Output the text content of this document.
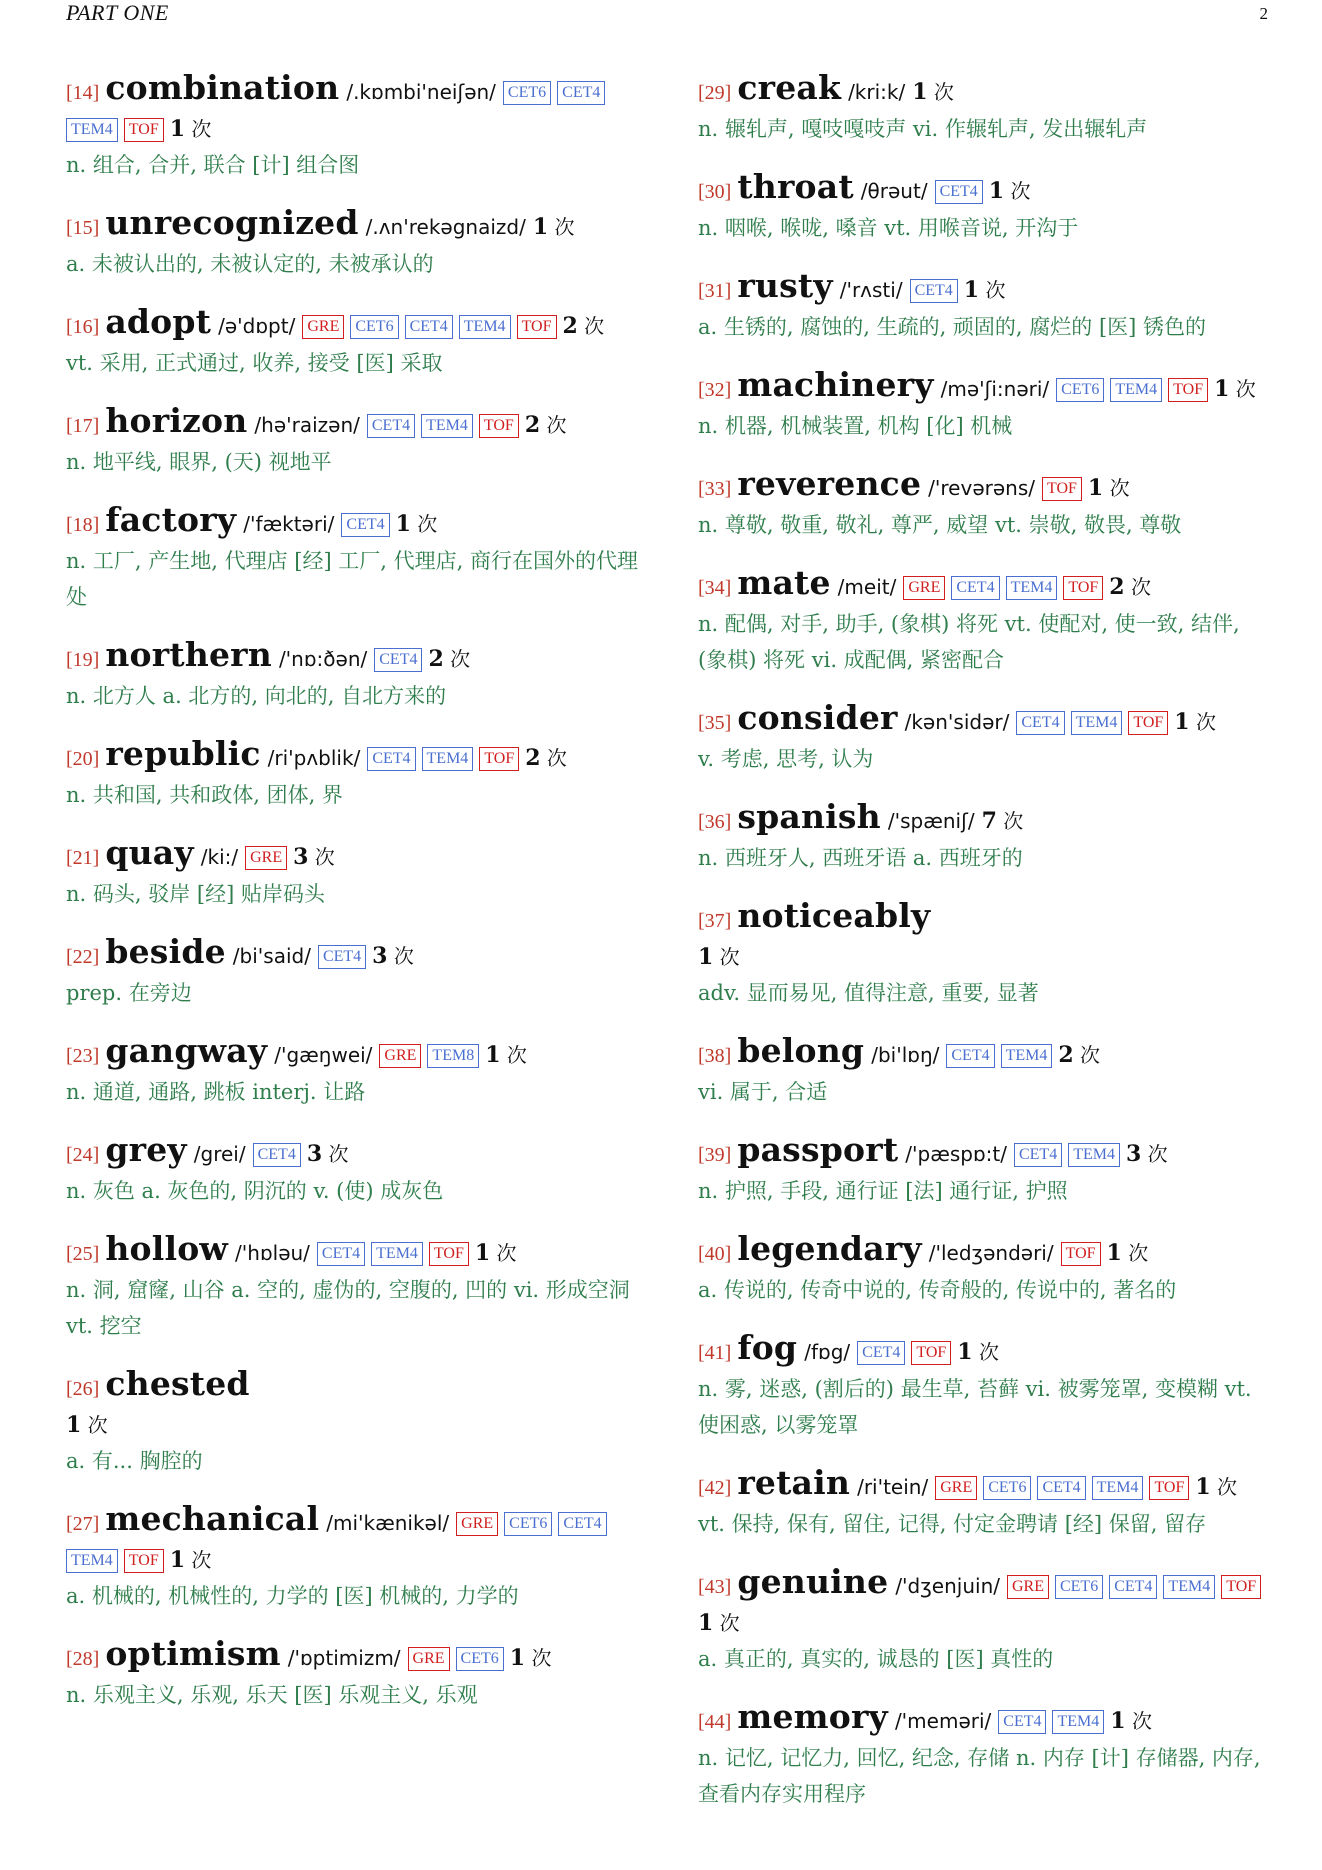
PART ONE	2
[14] combination /.kɒmbi'neiʃən/ CET6 CET4TEM4 TOF 1 次
n. 组合, 合并, 联合 [计] 组合图
[15] unrecognized /.ʌn'rekəgnaizd/ 1 次
a. 未被认出的, 未被认定的, 未被承认的
[16] adopt /ə'dɒpt/ GRE CET6 CET4 TEM4 TOF 2 次
vt. 采用, 正式通过, 收养, 接受 [医] 采取
[17] horizon /hə'raizən/ CET4 TEM4 TOF 2 次
n. 地平线, 眼界, (天) 视地平
[18] factory /'fæktəri/ CET4 1 次
n. 工厂, 产生地, 代理店 [经] 工厂, 代理店, 商行在国外的代理处
[19] northern /'nɒ:ðən/ CET4 2 次
n. 北方人 a. 北方的, 向北的, 自北方来的
[20] republic /ri'pʌblik/ CET4 TEM4 TOF 2 次
n. 共和国, 共和政体, 团体, 界
[21] quay /ki:/ GRE 3 次
n. 码头, 驳岸 [经] 贴岸码头
[22] beside /bi'said/ CET4 3 次
prep. 在旁边
[23] gangway /'gæŋwei/ GRE TEM8 1 次
n. 通道, 通路, 跳板 interj. 让路
[24] grey /grei/ CET4 3 次
n. 灰色 a. 灰色的, 阴沉的 v. (使) 成灰色
[25] hollow /'hɒləu/ CET4 TEM4 TOF 1 次
n. 洞, 窟窿, 山谷 a. 空的, 虚伪的, 空腹的, 凹的 vi. 形成空洞 vt. 挖空
[26] chested
1 次
a. 有... 胸腔的
[27] mechanical /mi'kænikəl/ GRE CET6 CET4TEM4 TOF 1 次
a. 机械的, 机械性的, 力学的 [医] 机械的, 力学的
[28] optimism /'ɒptimizm/ GRE CET6 1 次
n. 乐观主义, 乐观, 乐天 [医] 乐观主义, 乐观
[29] creak /kri:k/ 1 次
n. 辗轧声, 嘎吱嘎吱声 vi. 作辗轧声, 发出辗轧声
[30] throat /θrəut/ CET4 1 次
n. 咽喉, 喉咙, 嗓音 vt. 用喉音说, 开沟于
[31] rusty /'rʌsti/ CET4 1 次
a. 生锈的, 腐蚀的, 生疏的, 顽固的, 腐烂的 [医] 锈色的
[32] machinery /mə'ʃi:nəri/ CET6 TEM4 TOF 1 次
n. 机器, 机械装置, 机构 [化] 机械
[33] reverence /'revərəns/ TOF 1 次
n. 尊敬, 敬重, 敬礼, 尊严, 威望 vt. 崇敬, 敬畏, 尊敬
[34] mate /meit/ GRE CET4 TEM4 TOF 2 次
n. 配偶, 对手, 助手, (象棋) 将死 vt. 使配对, 使一致, 结伴, (象棋) 将死 vi. 成配偶, 紧密配合
[35] consider /kən'sidər/ CET4 TEM4 TOF 1 次
v. 考虑, 思考, 认为
[36] spanish /'spæniʃ/ 7 次
n. 西班牙人, 西班牙语 a. 西班牙的
[37] noticeably
1 次
adv. 显而易见, 值得注意, 重要, 显著
[38] belong /bi'lɒŋ/ CET4 TEM4 2 次
vi. 属于, 合适
[39] passport /'pæspɒ:t/ CET4 TEM4 3 次
n. 护照, 手段, 通行证 [法] 通行证, 护照
[40] legendary /'ledʒəndəri/ TOF 1 次
a. 传说的, 传奇中说的, 传奇般的, 传说中的, 著名的
[41] fog /fɒg/ CET4 TOF 1 次
n. 雾, 迷惑, (割后的) 最生草, 苔藓 vi. 被雾笼罩, 变模糊 vt. 使困惑, 以雾笼罩
[42] retain /ri'tein/ GRE CET6 CET4 TEM4 TOF 1 次
vt. 保持, 保有, 留住, 记得, 付定金聘请 [经] 保留, 留存
[43] genuine /'dʒenjuin/ GRE CET6 CET4 TEM4 TOF
1 次
a. 真正的, 真实的, 诚恳的 [医] 真性的
[44] memory /'meməri/ CET4 TEM4 1 次
n. 记忆, 记忆力, 回忆, 纪念, 存储 n. 内存 [计] 存储器, 内存, 查看内存实用程序
